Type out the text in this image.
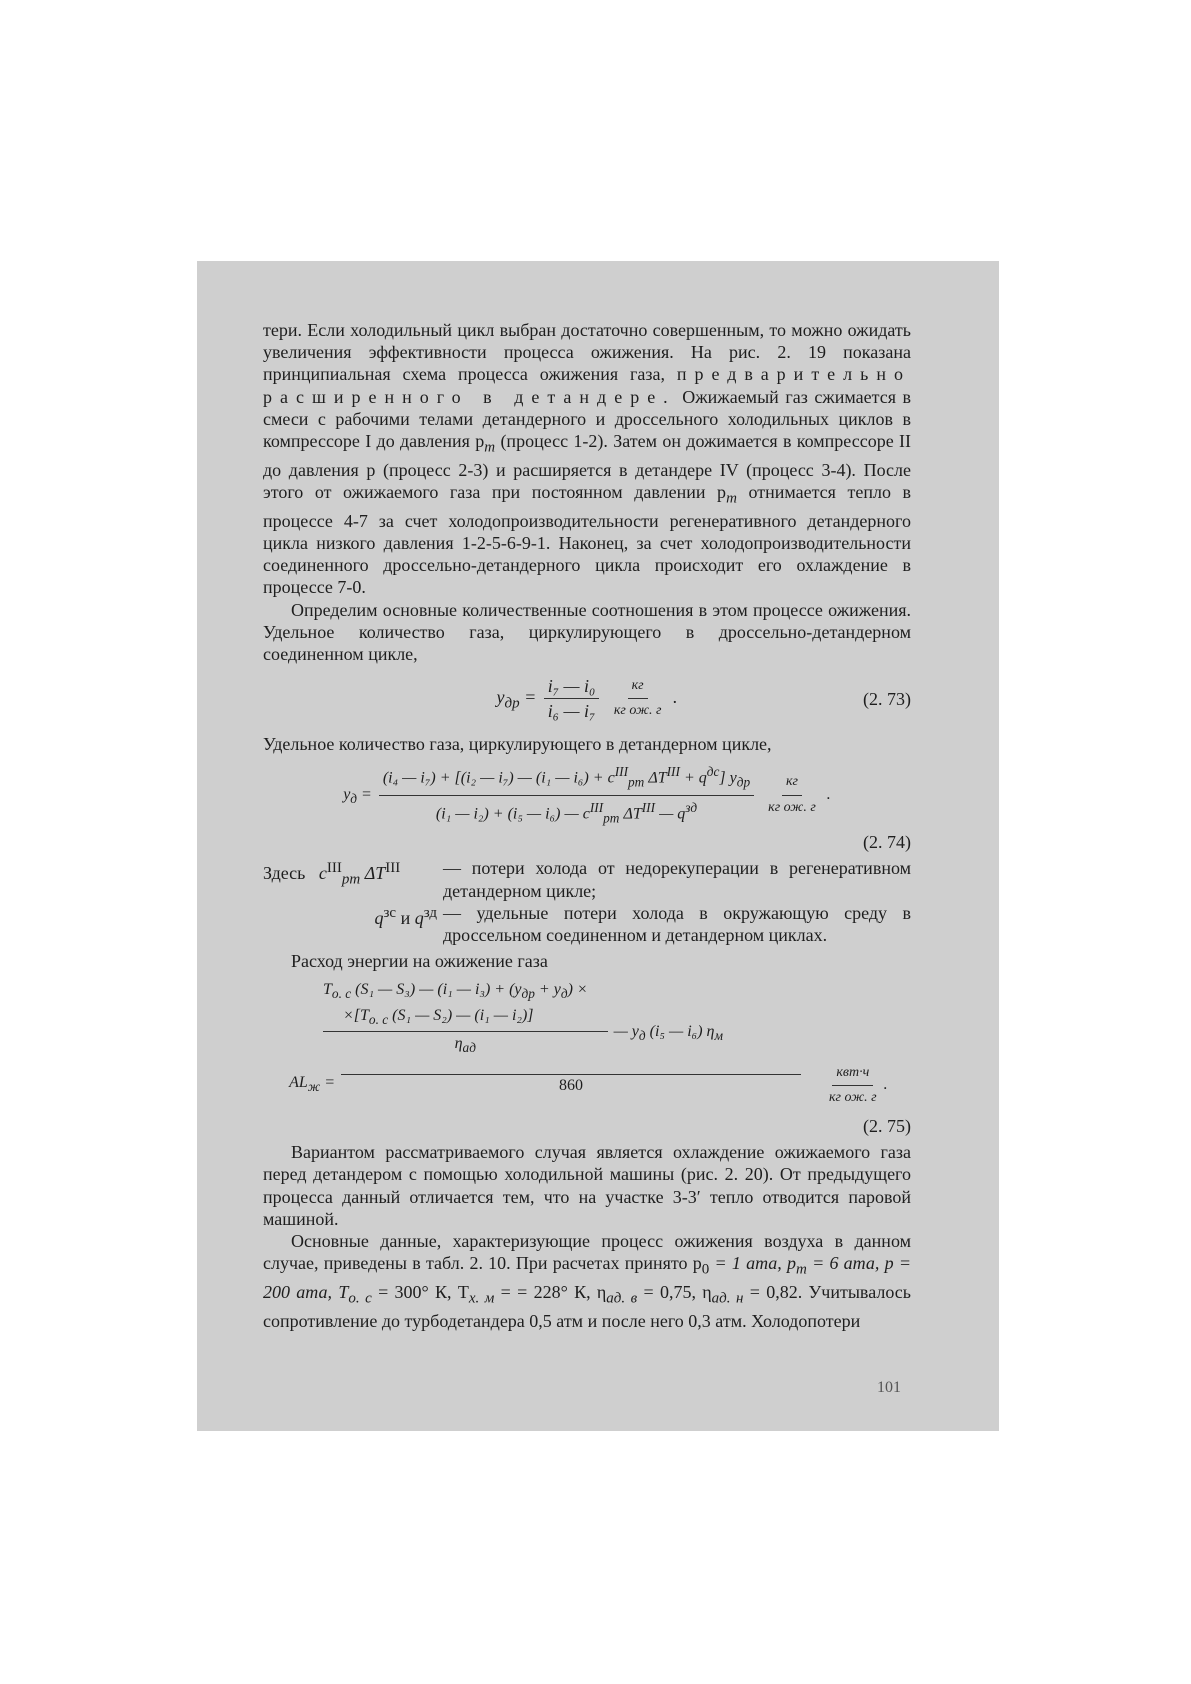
тери. Если холодильный цикл выбран достаточно совершенным, то можно ожидать увеличения эффективности процесса ожижения. На рис. 2. 19 показана принципиальная схема процесса ожижения газа, предварительно расширенного в детандере. Ожижаемый газ сжимается в смеси с рабочими телами детандерного и дроссельного холодильных циклов в компрессоре I до давления $p_m$ (процесс 1-2). Затем он дожимается в компрессоре II до давления p (процесс 2-3) и расширяется в детандере IV (процесс 3-4). После этого от ожижаемого газа при постоянном давлении $p_m$ отнимается тепло в процессе 4-7 за счет холодопроизводительности регенеративного детандерного цикла низкого давления 1-2-5-6-9-1. Наконец, за счет холодопроизводительности соединенного дроссельно-детандерного цикла происходит его охлаждение в процессе 7-0.

Определим основные количественные соотношения в этом процессе ожижения. Удельное количество газа, циркулирующего в дроссельно-детандерном соединенном цикле,

$y_{др} = \frac{\text{i₇ — i₀}}{\text{i₆ — i₇}}$
$\frac{кг}{\text{кг ож. г}}$ .	(2. 73)

Удельное количество газа, циркулирующего в детандерном цикле,

$y_д = \frac{(i_4 — i_7) + [(i_2 — i_7) — (i_1 — i_6) + c^{III}_{pт} \Delta T^{III} + q^{дс}] y_{др}}{(i_1 — i_2) + (i_5 — i_6) — c^{III}_{pт} \Delta T^{III} — q^{зд}}$
$\frac{кг}{\text{кг ож. г}}$ .
(2. 74)
Здесь $c^{III}_{pт}$ $\Delta T^{III}$	— потери холода от недорекуперации в регенеративном детандерном цикле;
$q^{зс}$ и $q^{зд}$ — удельные потери холода в окружающую среду в дроссельном соединенном и детандерном циклах.

Расход энергии на ожижение газа

$T_{о. с}$ (S₁ — S₃) — (i₁ — $i_3) + (y_{др} + y_д)$ ×
$\times[T_{о. с}$ (S₁ — S₂) — (i₁ — i₂)]
$\eta_{ад}$
— $y_д$ (i₅ — i₆) $\eta_м$
$AL_ж$ =	860	$\frac{\text{квт·ч}}{\text{кг ож. г}}$ .
(2. 75)

Вариантом рассматриваемого случая является охлаждение ожижаемого газа перед детандером с помощью холодильной машины (рис. 2. 20). От предыдущего процесса данный отличается тем, что на участке 3-3′ тепло отводится паровой машиной.

Основные данные, характеризующие процесс ожижения воздуха в данном случае, приведены в табл. 2. 10. При расчетах принято $p_0 = 1$ ата, $p_m = 6$ ата, p = 200 ата, $T_{о. с} = 300^\circ$ К, $T_{х. м}$ = = 228° К, $\eta_{ад. в} = 0,75$, $\eta_{ад. н} = 0,82$. Учитывалось сопротивление до турбодетандера 0,5 атм и после него 0,3 атм. Холодопотери

101
